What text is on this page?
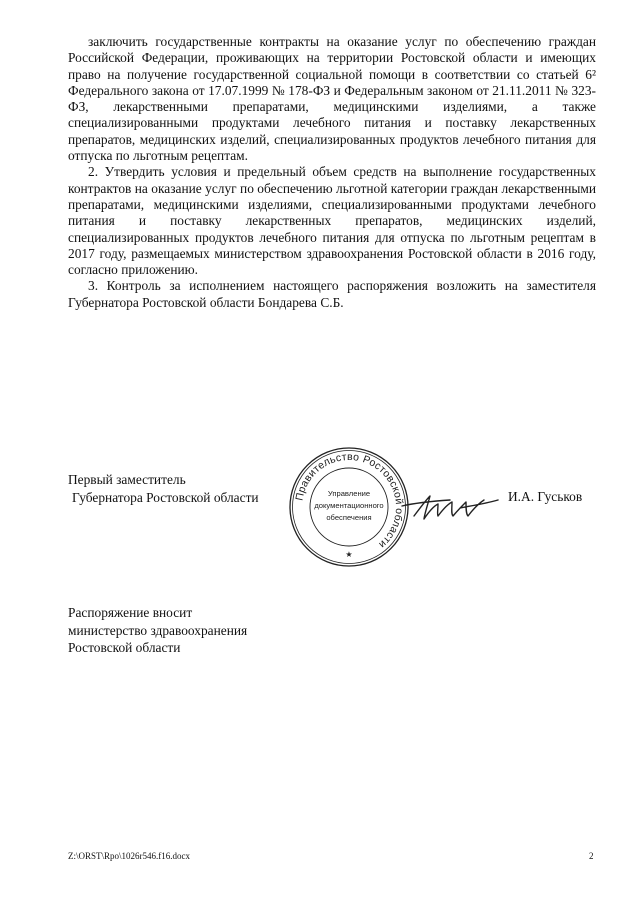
заключить государственные контракты на оказание услуг по обеспечению граждан Российской Федерации, проживающих на территории Ростовской области и имеющих право на получение государственной социальной помощи в соответствии со статьей 6² Федерального закона от 17.07.1999 № 178-ФЗ и Федеральным законом от 21.11.2011 № 323-ФЗ, лекарственными препаратами, медицинскими изделиями, а также специализированными продуктами лечебного питания и поставку лекарственных препаратов, медицинских изделий, специализированных продуктов лечебного питания для отпуска по льготным рецептам.

2. Утвердить условия и предельный объем средств на выполнение государственных контрактов на оказание услуг по обеспечению льготной категории граждан лекарственными препаратами, медицинскими изделиями, специализированными продуктами лечебного питания и поставку лекарственных препаратов, медицинских изделий, специализированных продуктов лечебного питания для отпуска по льготным рецептам в 2017 году, размещаемых министерством здравоохранения Ростовской области в 2016 году, согласно приложению.

3. Контроль за исполнением настоящего распоряжения возложить на заместителя Губернатора Ростовской области Бондарева С.Б.

Первый заместитель
Губернатора Ростовской области	Правительство Ростовской области
Управление
документационного
обеспечения
★
И.А. Гуськов
Распоряжение вносит
министерство здравоохранения
Ростовской области
Z:\ORST\Rpo\1026r546.f16.docx	2
